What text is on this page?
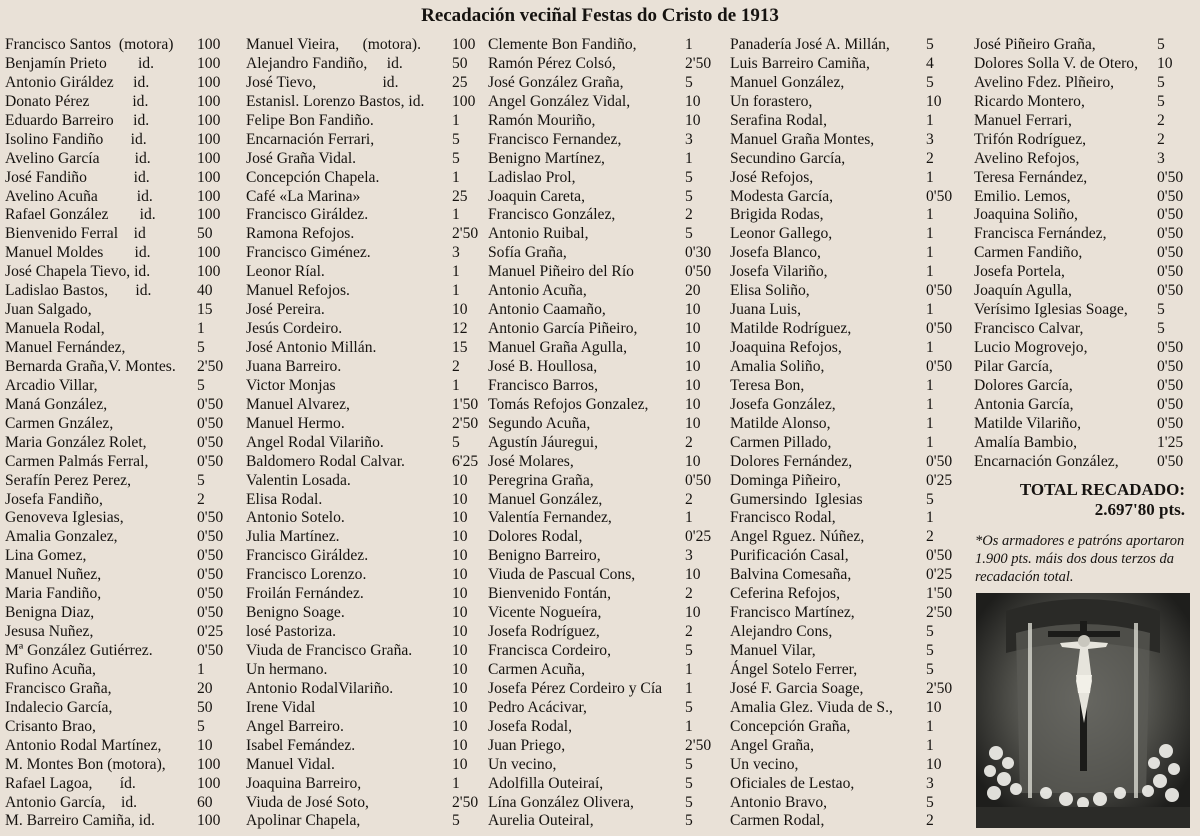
Recadación veciñal Festas do Cristo de 1913
Francisco Santos  (motora) 100
Benjamín Prieto        id.	100
Antonio Giráldez     id.	100
Donato Pérez           id.	100
Eduardo Barreiro     id.	100
Isolino Fandiño       id.	100
Avelino García         id.	100
José Fandiño            id.	100
Avelino Acuña          id.	100
Rafael González        id.	100
Bienvenido Ferral    id	50
Manuel Moldes        id.	100
José Chapela Tievo, id.	100
Ladislao Bastos,       id.	40
Juan Salgado,	15
Manuela Rodal,	1
Manuel Fernández,	5
Bernarda Graña,V. Montes. 2'50
Arcadio Villar,	5
Maná González,	0'50
Carmen Gnzález,	0'50
Maria González Rolet,	0'50
Carmen Palmás Ferral,	0'50
Serafín Perez Perez,	5
Josefa Fandiño,	2
Genoveva Iglesias,	0'50
Amalia Gonzalez,	0'50
Lina Gomez,	0'50
Manuel Nuñez,	0'50
Maria Fandiño,	0'50
Benigna Diaz,	0'50
Jesusa Nuñez,	0'25
Mª González Gutiérrez.	0'50
Rufino Acuña,	1
Francisco Graña,	20
Indalecio García,	50
Crisanto Brao,	5
Antonio Rodal Martínez, 10
M. Montes Bon (motora), 100
Rafael Lagoa,       íd.	100
Antonio García,    id.	60
M. Barreiro Camiña, id.	100
Manuel Vieira,      (motora). 100
Alejandro Fandiño,     id.	50
José Tievo,                 id.	25
Estanisl. Lorenzo Bastos, id. 100
Felipe Bon Fandiño.	1
Encarnación Ferrari,	5
José Graña Vidal.	5
Concepción Chapela.	1
Café «La Marina»	25
Francisco Giráldez.	1
Ramona Refojos.	2'50
Francisco Giménez.	3
Leonor Ríal.	1
Manuel Refojos.	1
José Pereira.	10
Jesús Cordeiro.	12
José Antonio Millán.	15
Juana Barreiro.	2
Victor Monjas	1
Manuel Alvarez,	1'50
Manuel Hermo.	2'50
Angel Rodal Vilariño.	5
Baldomero Rodal Calvar.	6'25
Valentin Losada.	10
Elisa Rodal.	10
Antonio Sotelo.	10
Julia Martínez.	10
Francisco Giráldez.	10
Francisco Lorenzo.	10
Froilán Fernández.	10
Benigno Soage.	10
losé Pastoriza.	10
Viuda de Francisco Graña.	10
Un hermano.	10
Antonio RodalVilariño.	10
Irene Vidal	10
Angel Barreiro.	10
Isabel Femández.	10
Manuel Vidal.	10
Joaquina Barreiro,	1
Viuda de José Soto,	2'50
Apolinar Chapela,	5
Clemente Bon Fandiño,	1
Ramón Pérez Colsó,	2'50
José González Graña,	5
Angel González Vidal,	10
Ramón Mouriño,	10
Francisco Fernandez,	3
Benigno Martínez,	1
Ladislao Prol,	5
Joaquin Careta,	5
Francisco González,	2
Antonio Ruibal,	5
Sofía Graña,	0'30
Manuel Piñeiro del Río	0'50
Antonio Acuña,	20
Antonio Caamaño,	10
Antonio García Piñeiro,	10
Manuel Graña Agulla,	10
José B. Houllosa,	10
Francisco Barros,	10
Tomás Refojos Gonzalez, 10
Segundo Acuña,	10
Agustín Jáuregui,	2
José Molares,	10
Peregrina Graña,	0'50
Manuel González,	2
Valentía Fernandez,	1
Dolores Rodal,	0'25
Benigno Barreiro,	3
Viuda de Pascual Cons,	10
Bienvenido Fontán,	2
Vicente Nogueíra,	10
Josefa Rodríguez,	2
Francisca Cordeiro,	5
Carmen Acuña,	1
Josefa Pérez Cordeiro y Cía 1
Pedro Acácivar,	5
Josefa Rodal,	1
Juan Priego,	2'50
Un vecino,	5
Adolfilla Outeiraí,	5
Lína González Olivera,	5
Aurelia Outeiral,	5
Panadería José A. Millán, 5
Luis Barreiro Camiña,	4
Manuel González,	5
Un forastero,	10
Serafina Rodal,	1
Manuel Graña Montes,	3
Secundino García,	2
José Refojos,	1
Modesta García,	0'50
Brigida Rodas,	1
Leonor Gallego,	1
Josefa Blanco,	1
Josefa Vilariño,	1
Elisa Soliño,	0'50
Juana Luis,	1
Matilde Rodríguez,	0'50
Joaquina Refojos,	1
Amalia Soliño,	0'50
Teresa Bon,	1
Josefa González,	1
Matilde Alonso,	1
Carmen Pillado,	1
Dolores Fernández,	0'50
Dominga Piñeiro,	0'25
Gumersindo  Iglesias	5
Francisco Rodal,	1
Angel Rguez. Núñez,	2
Purificación Casal,	0'50
Balvina Comesaña,	0'25
Ceferina Refojos,	1'50
Francisco Martínez,	2'50
Alejandro Cons,	5
Manuel Vilar,	5
Ángel Sotelo Ferrer,	5
José F. Garcia Soage,	2'50
Amalia Glez. Viuda de S., 10
Concepción Graña,	1
Angel Graña,	1
Un vecino,	10
Oficiales de Lestao,	3
Antonio Bravo,	5
Carmen Rodal,	2
José Piñeiro Graña,	5
Dolores Solla V. de Otero, 10
Avelino Fdez. Plñeiro,	5
Ricardo Montero,	5
Manuel Ferrari,	2
Trifón Rodríguez,	2
Avelino Refojos,	3
Teresa Fernández,	0'50
Emilio. Lemos,	0'50
Joaquina Soliño,	0'50
Francisca Fernández,	0'50
Carmen Fandiño,	0'50
Josefa Portela,	0'50
Joaquín Agulla,	0'50
Verísimo Iglesias Soage, 5
Francisco Calvar,	5
Lucio Mogrovejo,	0'50
Pilar García,	0'50
Dolores García,	0'50
Antonia García,	0'50
Matilde Vilariño,	0'50
Amalía Bambio,	1'25
Encarnación González, 0'50
TOTAL RECADADO:
2.697'80 pts.
*Os armadores e patróns aportaron 1.900 pts. máis dos dous terzos da recadación total.
